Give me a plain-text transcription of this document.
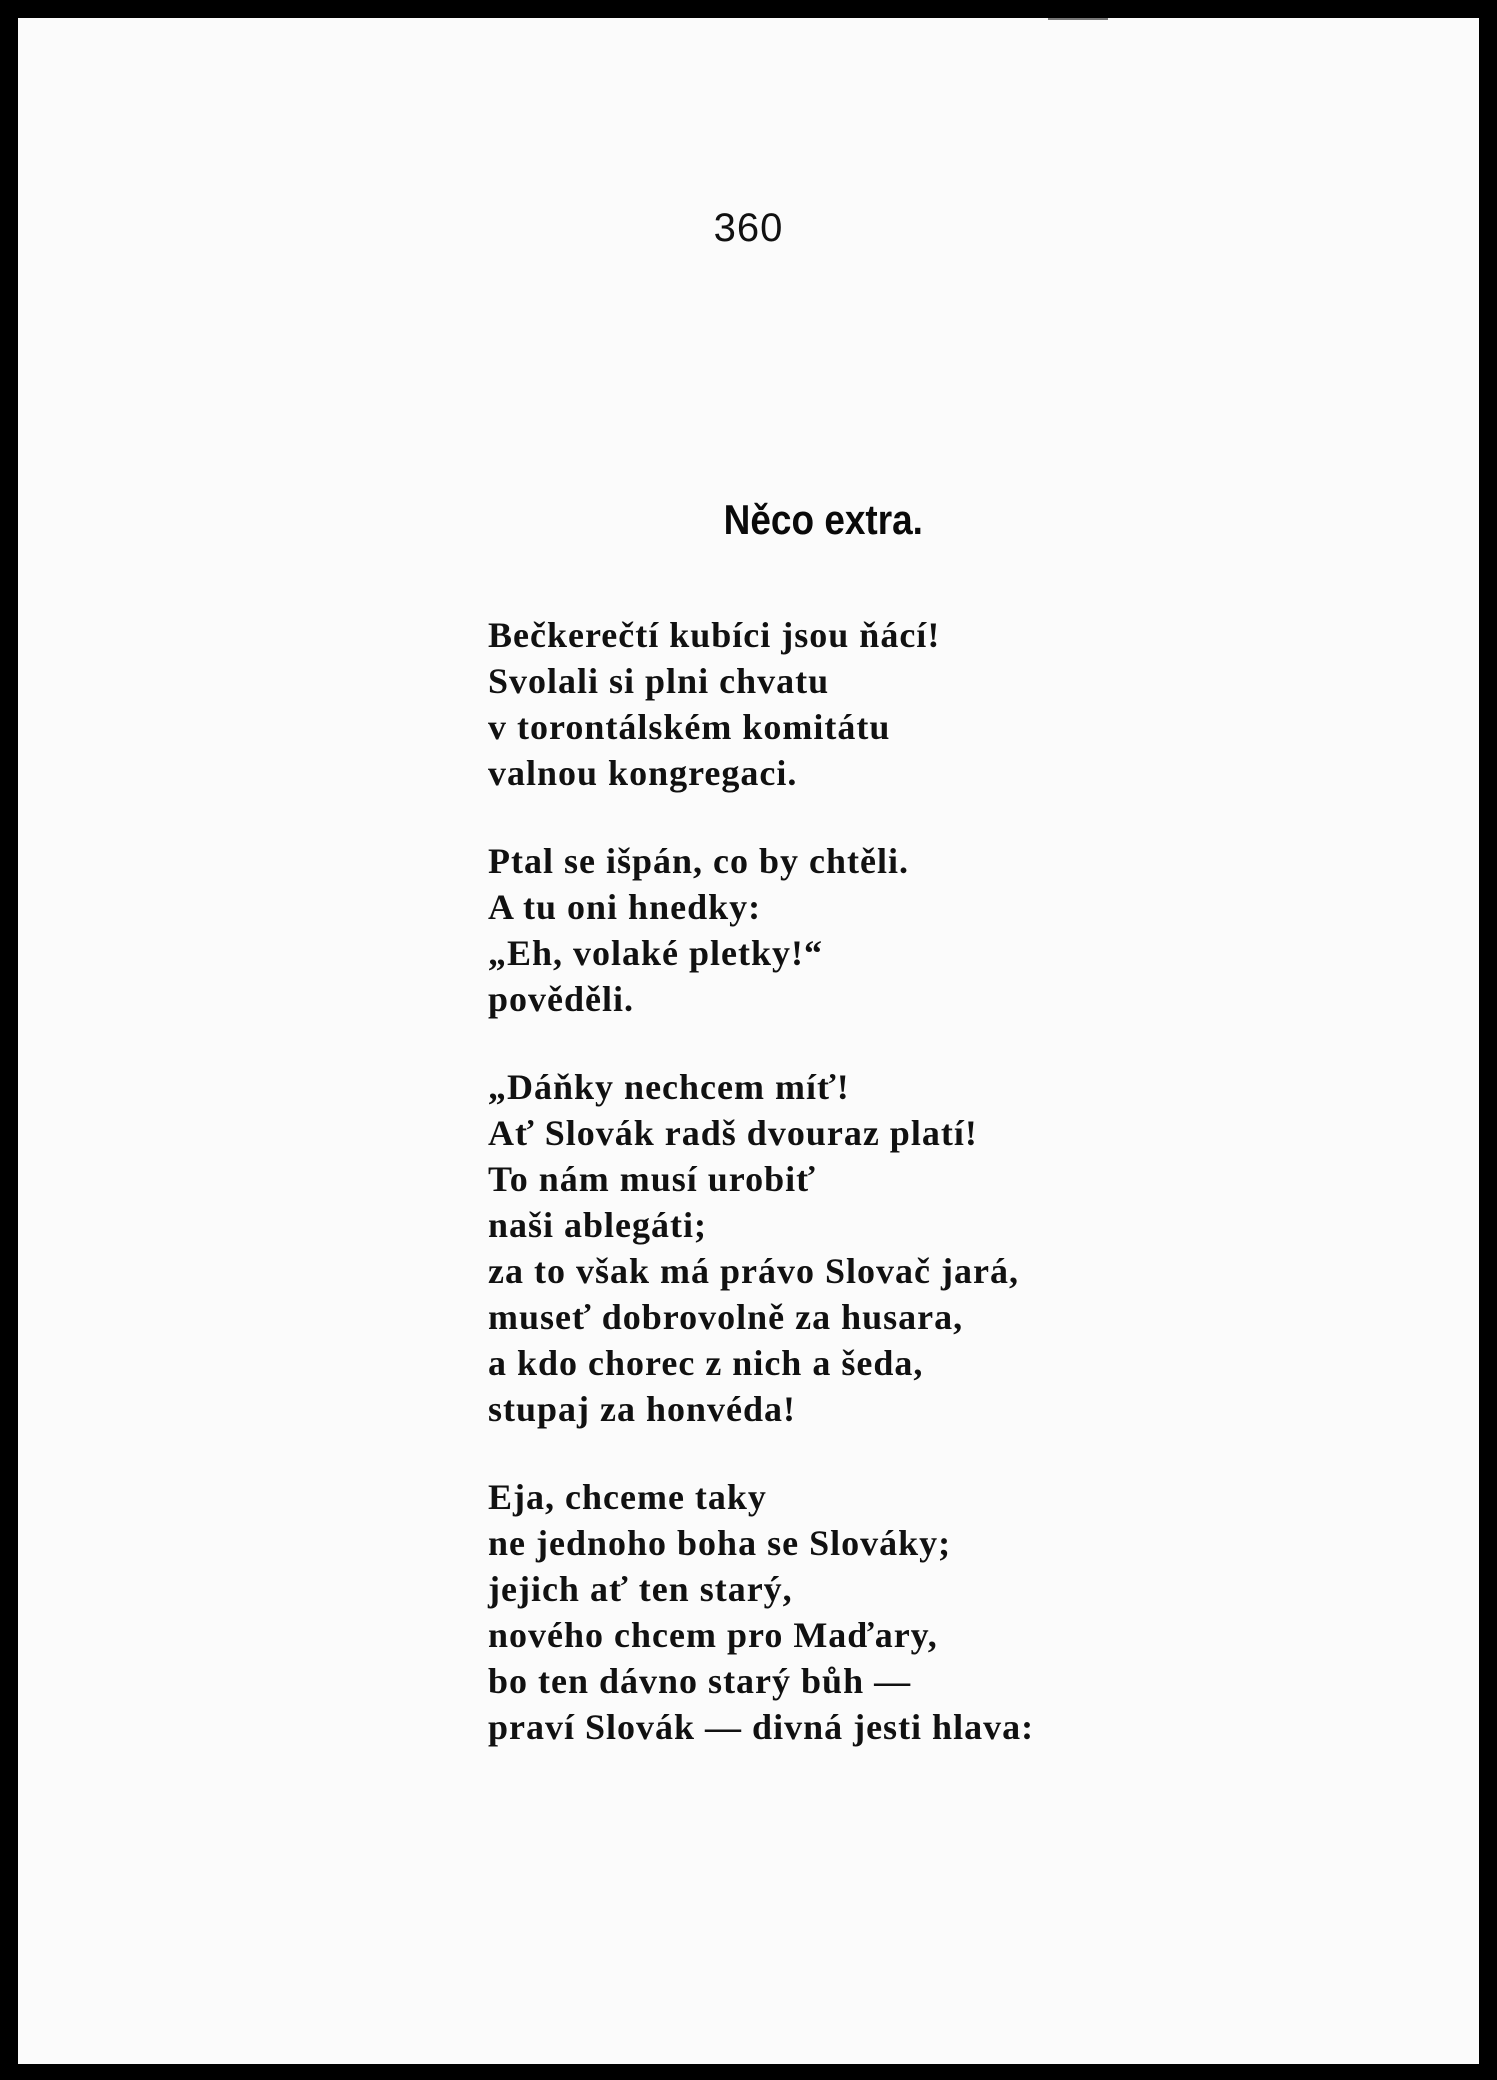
360
Něco extra.
Bečkerečtí kubíci jsou ňácí!
Svolali si plni chvatu
v torontálském komitátu
valnou kongregaci.
Ptal se išpán, co by chtěli.
A tu oni hnedky:
„Eh, volaké pletky!“
pověděli.
„Dáňky nechcem míť!
Ať Slovák radš dvouraz platí!
To nám musí urobiť
naši ablegáti;
za to však má právo Slovač jará,
museť dobrovolně za husara,
a kdo chorec z nich a šeda,
stupaj za honvéda!
Eja, chceme taky
ne jednoho boha se Slováky;
jejich ať ten starý,
nového chcem pro Maďary,
bo ten dávno starý bůh —
praví Slovák — divná jesti hlava:
